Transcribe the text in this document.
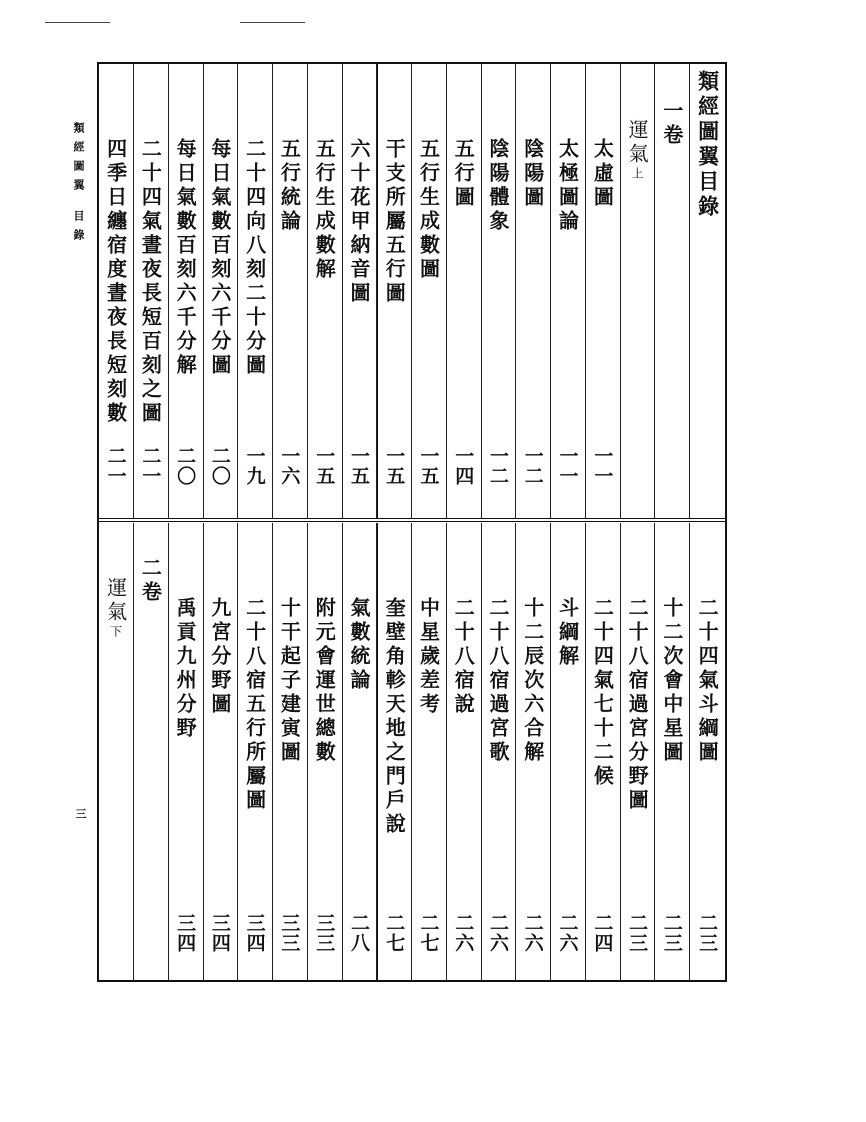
類經圖翼 目錄
三
類經圖翼目錄
一卷
運氣上
太虛圖
一一
太極圖論
一一
陰陽圖
一二
陰陽體象
一二
五行圖
一四
五行生成數圖
一五
干支所屬五行圖
一五
六十花甲納音圖
一五
五行生成數解
一五
五行統論
一六
二十四向八刻二十分圖
一九
每日氣數百刻六千分圖
二〇
每日氣數百刻六千分解
二〇
二十四氣晝夜長短百刻之圖
二一
四季日纏宿度晝夜長短刻數
二一
二十四氣斗綱圖
二三
十二次會中星圖
二三
二十八宿過宮分野圖
二三
二十四氣七十二候
二四
斗綱解
二六
十二辰次六合解
二六
二十八宿過宮歌
二六
二十八宿說
二六
中星歲差考
二七
奎壁角軫天地之門戶說
二七
氣數統論
二八
附元會運世總數
三三
十干起子建寅圖
三三
二十八宿五行所屬圖
三四
九宮分野圖
三四
禹貢九州分野
三四
二卷
運氣下
